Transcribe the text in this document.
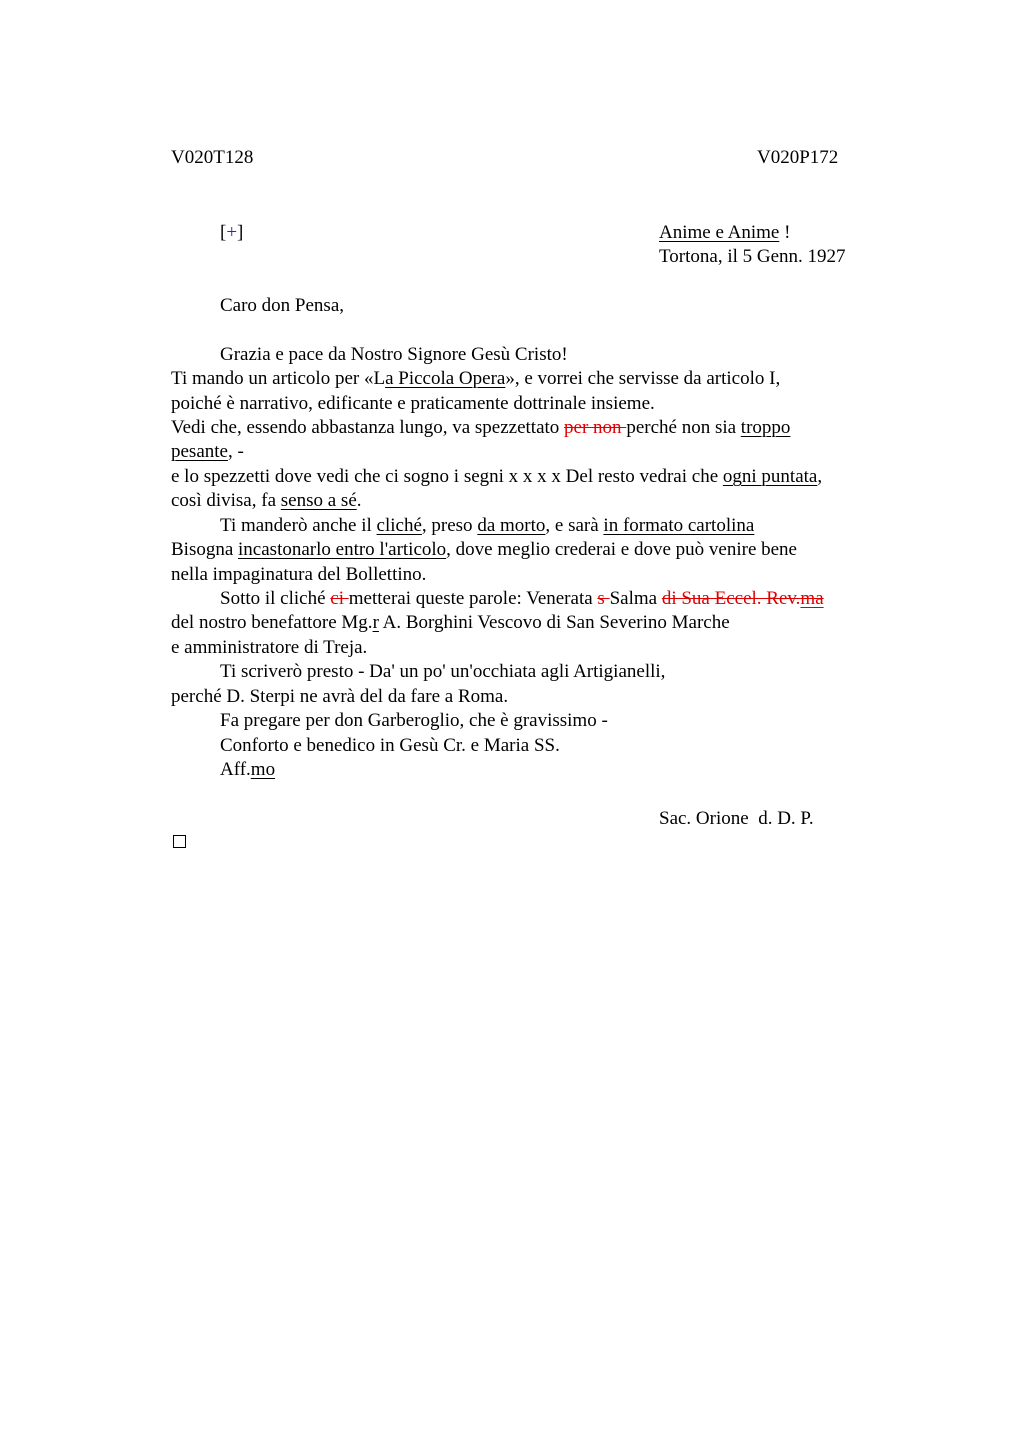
V020T128	V020P172
[+]	Anime e Anime !
Tortona, il 5 Genn. 1927
Caro don Pensa,
Grazia e pace da Nostro Signore Gesù Cristo!
Ti mando un articolo per «La Piccola Opera», e vorrei che servisse da articolo I,
poiché è narrativo, edificante e praticamente dottrinale insieme.
Vedi che, essendo abbastanza lungo, va spezzettato per non perché non sia troppo
pesante, -
e lo spezzetti dove vedi che ci sogno i segni x x x x Del resto vedrai che ogni puntata,
così divisa, fa senso a sé.
Ti manderò anche il cliché, preso da morto, e sarà in formato cartolina
Bisogna incastonarlo entro l'articolo, dove meglio crederai e dove può venire bene
nella impaginatura del Bollettino.
Sotto il cliché ci metterai queste parole: Venerata s Salma di Sua Eccel. Rev.ma
del nostro benefattore Mg.r A. Borghini Vescovo di San Severino Marche
e amministratore di Treja.
Ti scriverò presto - Da' un po' un'occhiata agli Artigianelli,
perché D. Sterpi ne avrà del da fare a Roma.
Fa pregare per don Garberoglio, che è gravissimo -
Conforto e benedico in Gesù Cr. e Maria SS.
Aff.mo
Sac. Orione  d. D. P.
